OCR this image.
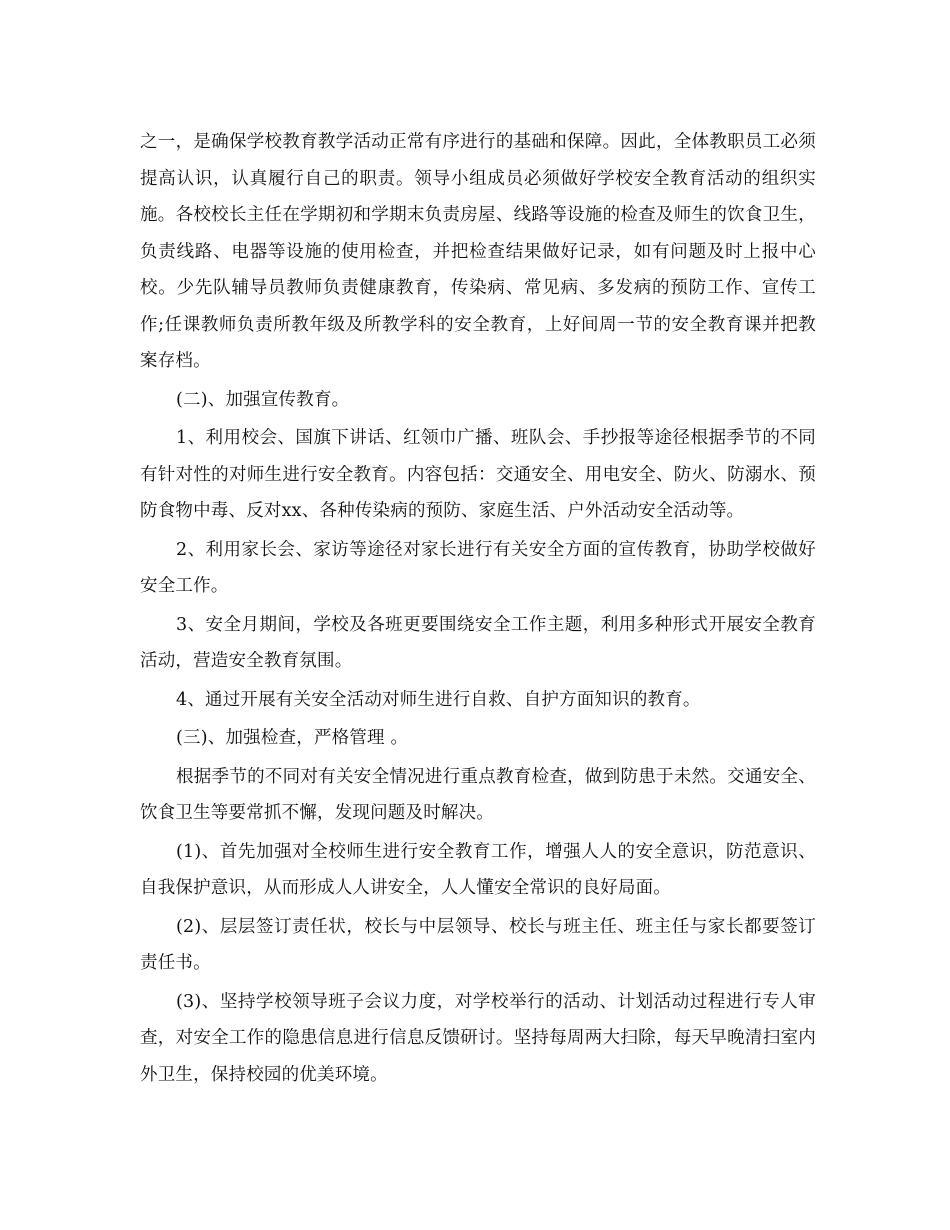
之一，是确保学校教育教学活动正常有序进行的基础和保障。因此，全体教职员工必须提高认识，认真履行自己的职责。领导小组成员必须做好学校安全教育活动的组织实施。各校校长主任在学期初和学期末负责房屋、线路等设施的检查及师生的饮食卫生，负责线路、电器等设施的使用检查，并把检查结果做好记录，如有问题及时上报中心校。少先队辅导员教师负责健康教育，传染病、常见病、多发病的预防工作、宣传工作;任课教师负责所教年级及所教学科的安全教育，上好间周一节的安全教育课并把教案存档。

(二)、加强宣传教育。

1、利用校会、国旗下讲话、红领巾广播、班队会、手抄报等途径根据季节的不同有针对性的对师生进行安全教育。内容包括：交通安全、用电安全、防火、防溺水、预防食物中毒、反对xx、各种传染病的预防、家庭生活、户外活动安全活动等。

2、利用家长会、家访等途径对家长进行有关安全方面的宣传教育，协助学校做好安全工作。

3、安全月期间，学校及各班更要围绕安全工作主题，利用多种形式开展安全教育活动，营造安全教育氛围。

4、通过开展有关安全活动对师生进行自救、自护方面知识的教育。

(三)、加强检查，严格管理 。

根据季节的不同对有关安全情况进行重点教育检查，做到防患于未然。交通安全、饮食卫生等要常抓不懈，发现问题及时解决。

(1)、首先加强对全校师生进行安全教育工作，增强人人的安全意识，防范意识、自我保护意识，从而形成人人讲安全，人人懂安全常识的良好局面。

(2)、层层签订责任状，校长与中层领导、校长与班主任、班主任与家长都要签订责任书。

(3)、坚持学校领导班子会议力度，对学校举行的活动、计划活动过程进行专人审查，对安全工作的隐患信息进行信息反馈研讨。坚持每周两大扫除，每天早晚清扫室内外卫生，保持校园的优美环境。
